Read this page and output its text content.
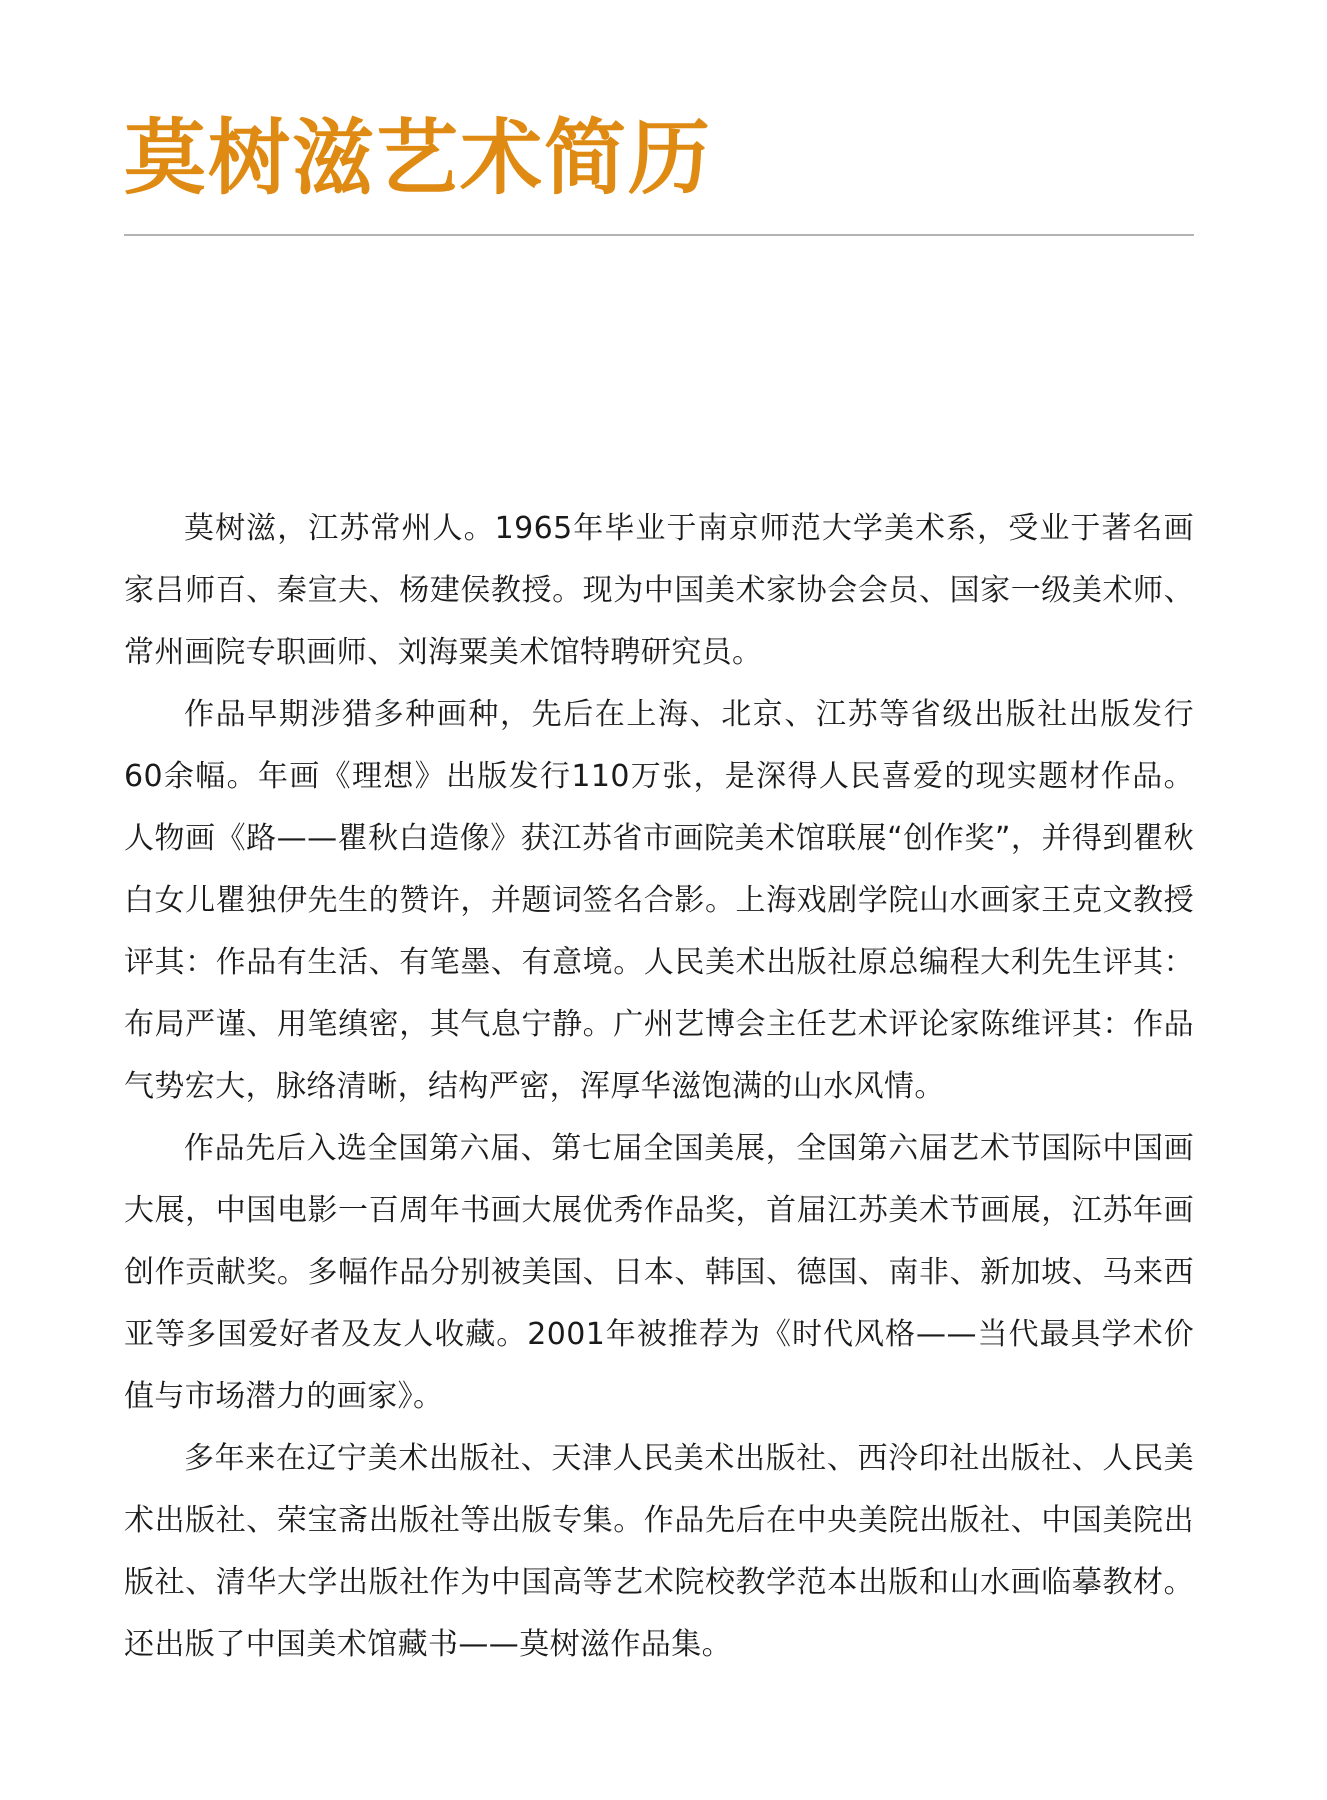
莫树滋艺术简历

莫树滋，江苏常州人。1965年毕业于南京师范大学美术系，受业于著名画家吕师百、秦宣夫、杨建侯教授。现为中国美术家协会会员、国家一级美术师、常州画院专职画师、刘海粟美术馆特聘研究员。

作品早期涉猎多种画种，先后在上海、北京、江苏等省级出版社出版发行60余幅。年画《理想》出版发行110万张，是深得人民喜爱的现实题材作品。人物画《路——瞿秋白造像》获江苏省市画院美术馆联展“创作奖”，并得到瞿秋白女儿瞿独伊先生的赞许，并题词签名合影。上海戏剧学院山水画家王克文教授评其：作品有生活、有笔墨、有意境。人民美术出版社原总编程大利先生评其：布局严谨、用笔缜密，其气息宁静。广州艺博会主任艺术评论家陈维评其：作品气势宏大，脉络清晰，结构严密，浑厚华滋饱满的山水风情。

作品先后入选全国第六届、第七届全国美展，全国第六届艺术节国际中国画大展，中国电影一百周年书画大展优秀作品奖，首届江苏美术节画展，江苏年画创作贡献奖。多幅作品分别被美国、日本、韩国、德国、南非、新加坡、马来西亚等多国爱好者及友人收藏。2001年被推荐为《时代风格——当代最具学术价值与市场潜力的画家》。

多年来在辽宁美术出版社、天津人民美术出版社、西泠印社出版社、人民美术出版社、荣宝斋出版社等出版专集。作品先后在中央美院出版社、中国美院出版社、清华大学出版社作为中国高等艺术院校教学范本出版和山水画临摹教材。还出版了中国美术馆藏书——莫树滋作品集。
